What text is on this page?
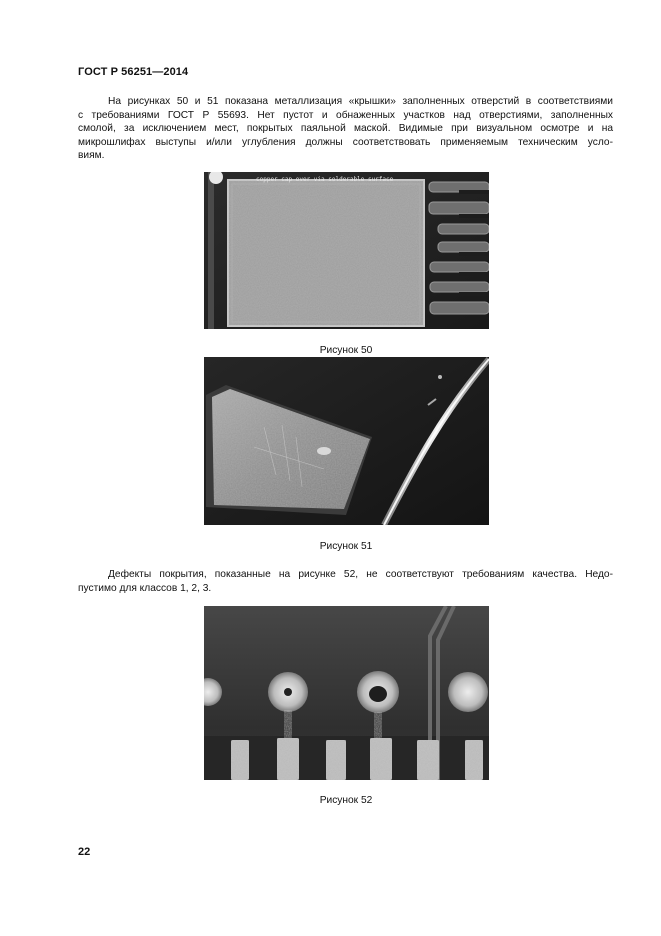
ГОСТ Р 56251—2014
На рисунках 50 и 51 показана металлизация «крышки» заполненных отверстий в соответствиями
с требованиями ГОСТ Р 55693. Нет пустот и обнаженных участков над отверстиями, заполненных
смолой, за исключением мест, покрытых паяльной маской. Видимые при визуальном осмотре и на
микрошлифах выступы и/или углубления должны соответствовать применяемым техническим усло-
виям.
copper cap over via solderable surface
Рисунок 50
Рисунок 51
Дефекты покрытия, показанные на рисунке 52, не соответствуют требованиям качества. Недо-
пустимо для классов 1, 2, 3.
Рисунок 52
22
